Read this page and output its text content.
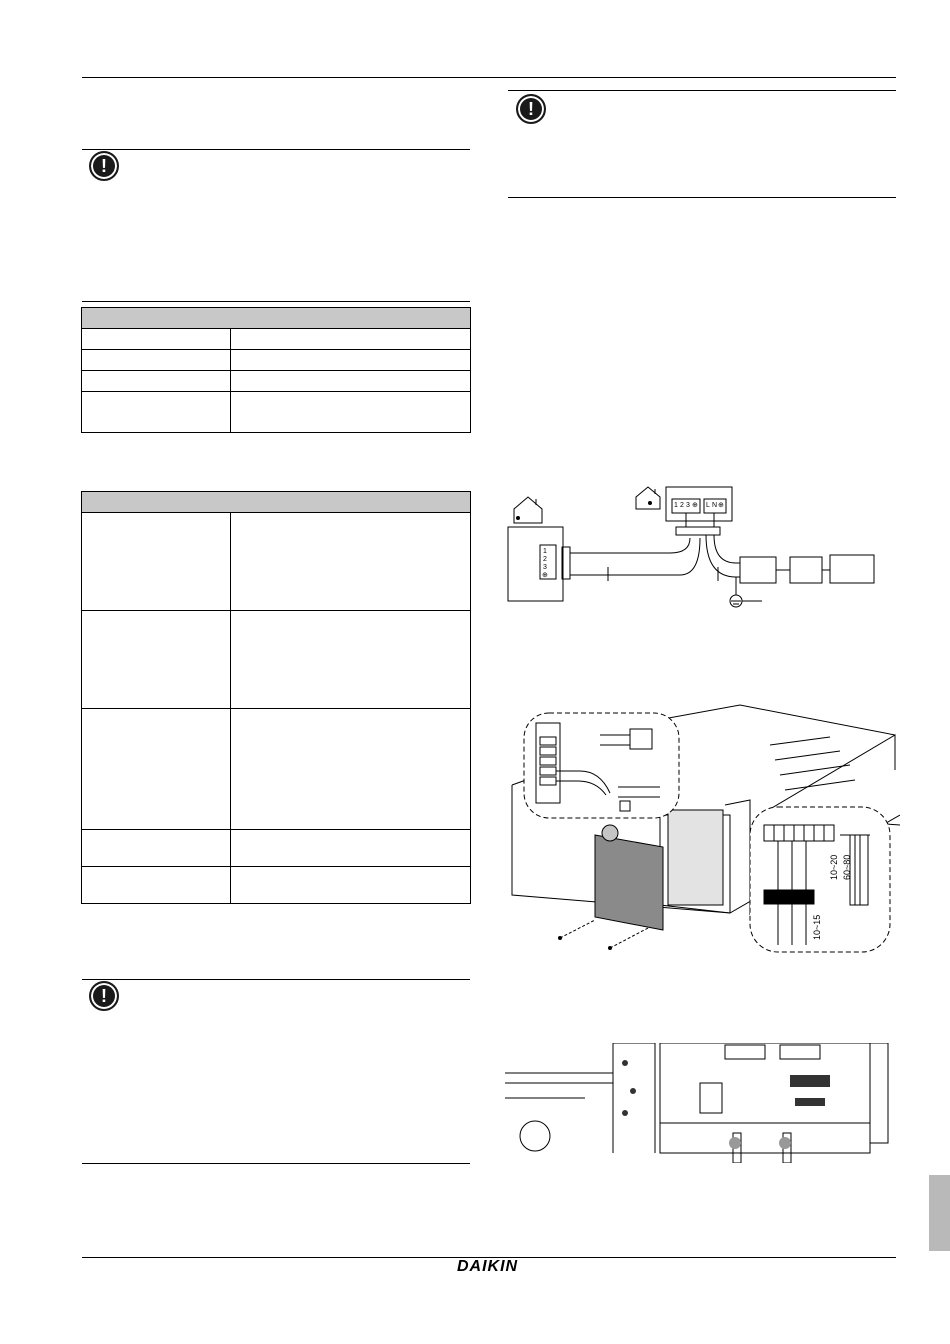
!

!
!
1
2
3
⊕
1 2 3 ⊕ L N ⊕
10~20 60~80
10~15
DAIKIN
